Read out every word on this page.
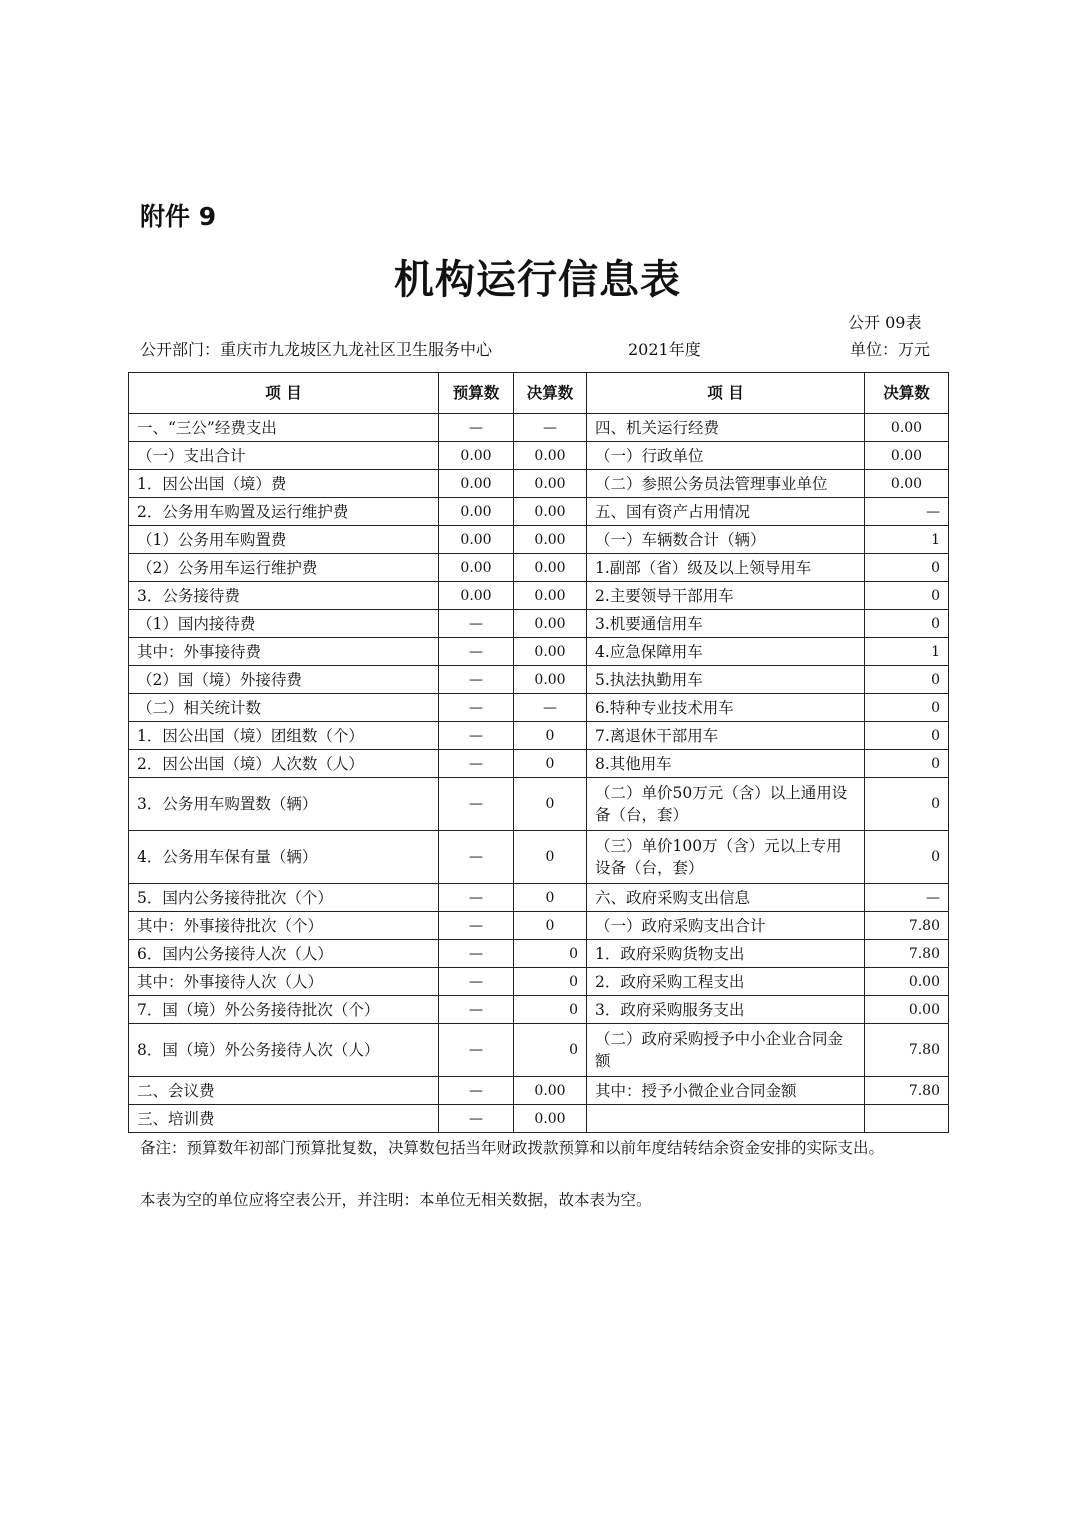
附件 9
机构运行信息表
公开 09表
公开部门：重庆市九龙坡区九龙社区卫生服务中心	2021年度	单位：万元
项 目	预算数	决算数	项 目	决算数
一、“三公”经费支出	—	—	四、机关运行经费	0.00
（一）支出合计	0.00	0.00	（一）行政单位	0.00
1．因公出国（境）费	0.00	0.00	（二）参照公务员法管理事业单位	0.00
2．公务用车购置及运行维护费	0.00	0.00	五、国有资产占用情况	—
（1）公务用车购置费	0.00	0.00	（一）车辆数合计（辆）	1
（2）公务用车运行维护费	0.00	0.00	1.副部（省）级及以上领导用车	0
3．公务接待费	0.00	0.00	2.主要领导干部用车	0
（1）国内接待费	—	0.00	3.机要通信用车	0
其中：外事接待费	—	0.00	4.应急保障用车	1
（2）国（境）外接待费	—	0.00	5.执法执勤用车	0
（二）相关统计数	—	—	6.特种专业技术用车	0
1．因公出国（境）团组数（个）	—	0	7.离退休干部用车	0
2．因公出国（境）人次数（人）	—	0	8.其他用车	0
3．公务用车购置数（辆）	—	0	（二）单价50万元（含）以上通用设备（台，套）	0
4．公务用车保有量（辆）	—	0	（三）单价100万（含）元以上专用设备（台，套）	0
5．国内公务接待批次（个）	—	0	六、政府采购支出信息	—
其中：外事接待批次（个）	—	0	（一）政府采购支出合计	7.80
6．国内公务接待人次（人）	—	0	1．政府采购货物支出	7.80
其中：外事接待人次（人）	—	0	2．政府采购工程支出	0.00
7．国（境）外公务接待批次（个）	—	0	3．政府采购服务支出	0.00
8．国（境）外公务接待人次（人）	—	0	（二）政府采购授予中小企业合同金额	7.80
二、会议费	—	0.00	其中：授予小微企业合同金额	7.80
三、培训费	—	0.00		
备注：预算数年初部门预算批复数，决算数包括当年财政拨款预算和以前年度结转结余资金安排的实际支出。
本表为空的单位应将空表公开，并注明：本单位无相关数据，故本表为空。
